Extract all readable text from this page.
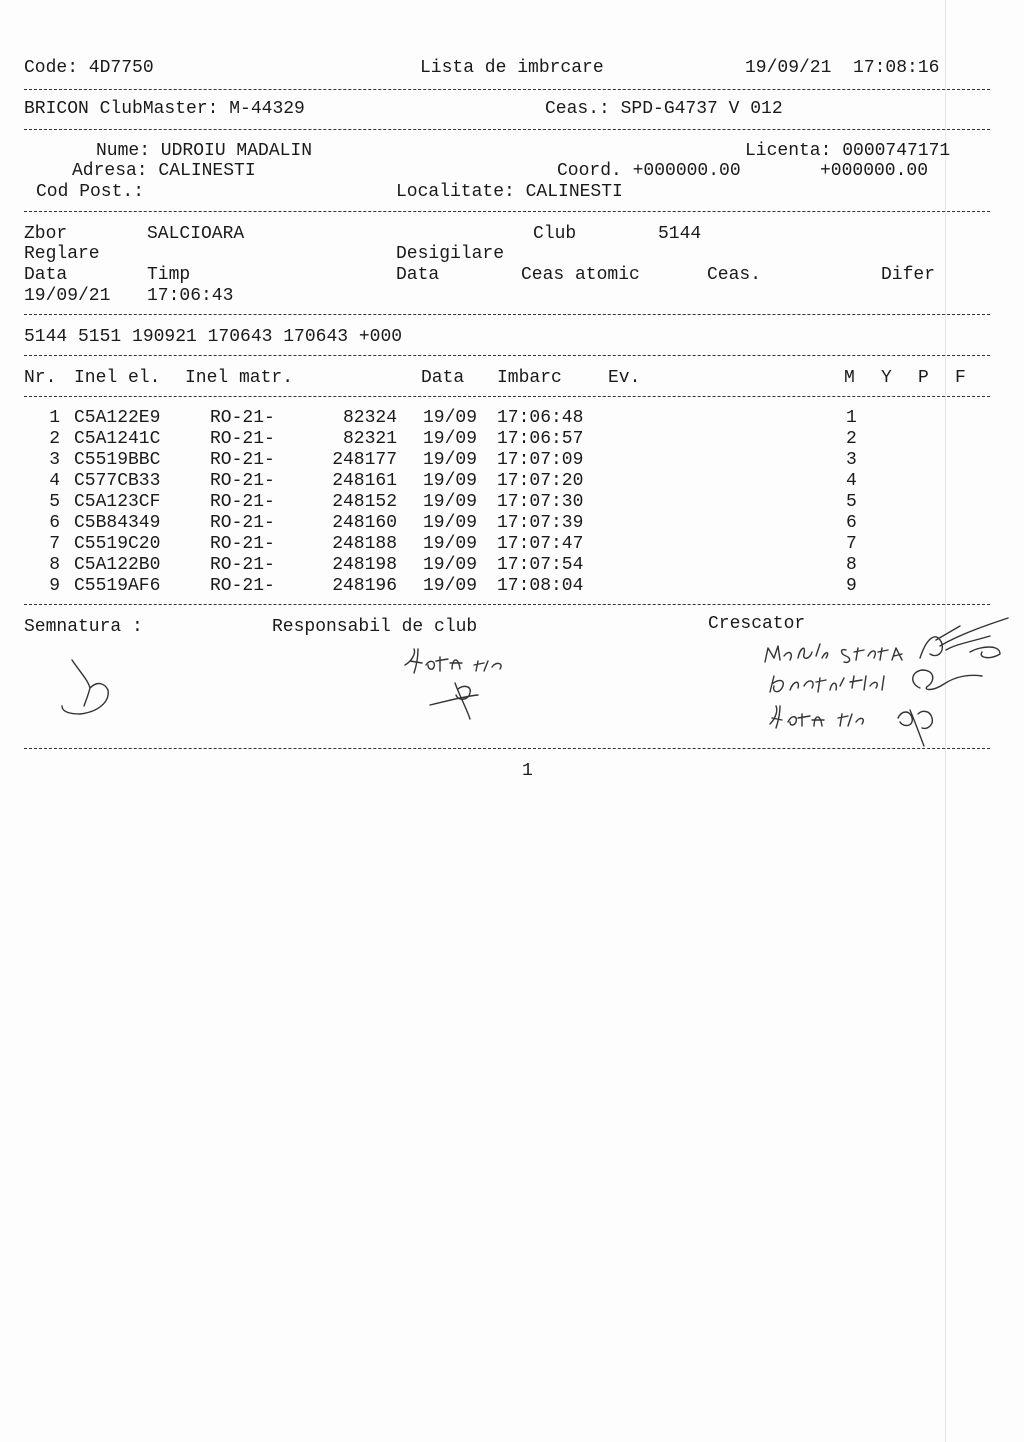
Code: 4D7750	Lista de imbrcare	19/09/21  17:08:16
BRICON ClubMaster: M-44329	Ceas.: SPD-G4737 V 012
Nume: UDROIU MADALIN	Licenta: 0000747171
Adresa: CALINESTI	Coord. +000000.00	+000000.00
Cod Post.:	Localitate: CALINESTI
Zbor	SALCIOARA	Club	5144
Reglare	Desigilare
Data	Timp	Data	Ceas atomic	Ceas.	Difer
19/09/21 17:06:43
5144 5151 190921 170643 170643 +000
Nr. Inel el. Inel matr.	Data Imbarc	Ev.	M Y P F
1 C5A122E9	RO-21-	82324 19/09 17:06:48	1
2 C5A1241C	RO-21-	82321 19/09 17:06:57	2
3 C5519BBC	RO-21-	248177 19/09 17:07:09	3
4 C577CB33	RO-21-	248161 19/09 17:07:20	4
5 C5A123CF	RO-21-	248152 19/09 17:07:30	5
6 C5B84349	RO-21-	248160 19/09 17:07:39	6
7 C5519C20	RO-21-	248188 19/09 17:07:47	7
8 C5A122B0	RO-21-	248198 19/09 17:07:54	8
9 C5519AF6	RO-21-	248196 19/09 17:08:04	9
Semnatura :	Responsabil de club	Crescator
1
